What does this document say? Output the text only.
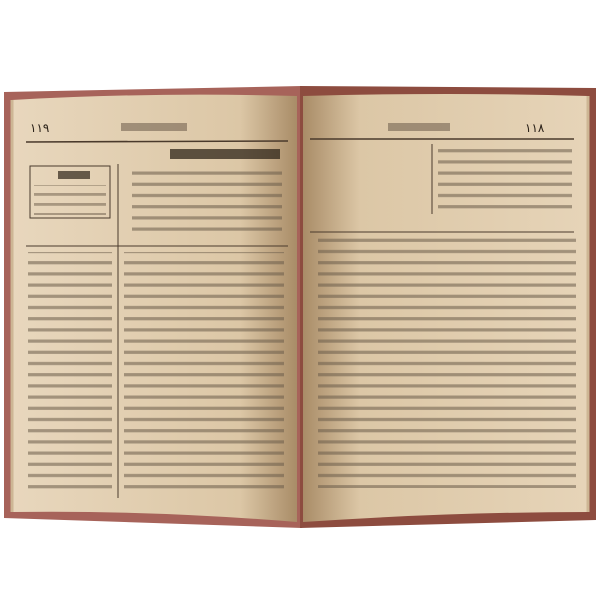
١١٩	١١٨
